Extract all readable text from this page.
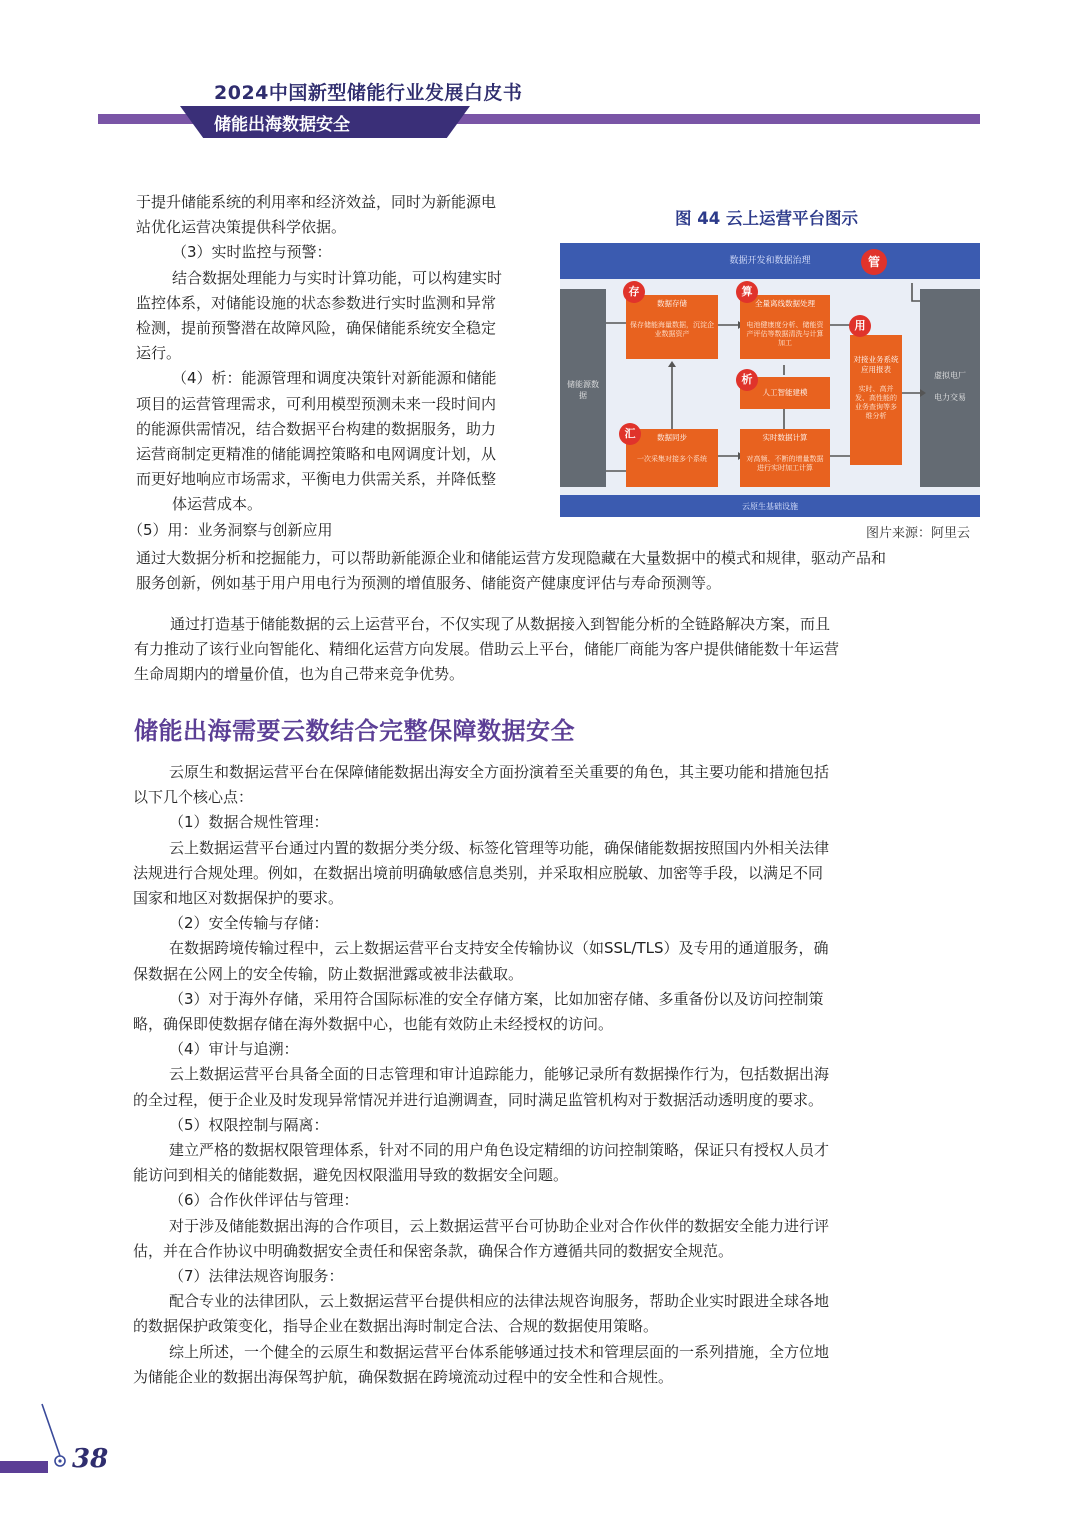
2024中国新型储能行业发展白皮书
储能出海数据安全
于提升储能系统的利用率和经济效益，同时为新能源电
站优化运营决策提供科学依据。
（3）实时监控与预警：
结合数据处理能力与实时计算功能，可以构建实时
监控体系，对储能设施的状态参数进行实时监测和异常
检测，提前预警潜在故障风险，确保储能系统安全稳定
运行。
（4）析：能源管理和调度决策针对新能源和储能
项目的运营管理需求，可利用模型预测未来一段时间内
的能源供需情况，结合数据平台构建的数据服务，助力
运营商制定更精准的储能调控策略和电网调度计划，从
而更好地响应市场需求，平衡电力供需关系，并降低整
体运营成本。
（5）用：业务洞察与创新应用
图 44 云上运营平台图示
数据开发和数据治理	管
储能源数据
虚拟电厂
电力交易
数据存储
保存储能海量数据，沉淀企业数据资产
全量离线数据处理
电池健康度分析、储能资产评估等数据清洗与计算加工
人工智能建模
数据同步
一次采集对接多个系统
实时数据计算
对高频、不断的增量数据进行实时加工计算
对接业务系统应用报表
实时、高并发、高性能的业务查询等多维分析
存	算
析
汇
用
云原生基础设施
图片来源：阿里云
通过大数据分析和挖掘能力，可以帮助新能源企业和储能运营方发现隐藏在大量数据中的模式和规律，驱动产品和
服务创新，例如基于用户用电行为预测的增值服务、储能资产健康度评估与寿命预测等。
通过打造基于储能数据的云上运营平台，不仅实现了从数据接入到智能分析的全链路解决方案，而且
有力推动了该行业向智能化、精细化运营方向发展。借助云上平台，储能厂商能为客户提供储能数十年运营
生命周期内的增量价值，也为自己带来竞争优势。
储能出海需要云数结合完整保障数据安全
云原生和数据运营平台在保障储能数据出海安全方面扮演着至关重要的角色，其主要功能和措施包括
以下几个核心点：
（1）数据合规性管理：
云上数据运营平台通过内置的数据分类分级、标签化管理等功能，确保储能数据按照国内外相关法律
法规进行合规处理。例如，在数据出境前明确敏感信息类别，并采取相应脱敏、加密等手段，以满足不同
国家和地区对数据保护的要求。
（2）安全传输与存储：
在数据跨境传输过程中，云上数据运营平台支持安全传输协议（如SSL/TLS）及专用的通道服务，确
保数据在公网上的安全传输，防止数据泄露或被非法截取。
（3）对于海外存储，采用符合国际标准的安全存储方案，比如加密存储、多重备份以及访问控制策
略，确保即使数据存储在海外数据中心，也能有效防止未经授权的访问。
（4）审计与追溯：
云上数据运营平台具备全面的日志管理和审计追踪能力，能够记录所有数据操作行为，包括数据出海
的全过程，便于企业及时发现异常情况并进行追溯调查，同时满足监管机构对于数据活动透明度的要求。
（5）权限控制与隔离：
建立严格的数据权限管理体系，针对不同的用户角色设定精细的访问控制策略，保证只有授权人员才
能访问到相关的储能数据，避免因权限滥用导致的数据安全问题。
（6）合作伙伴评估与管理：
对于涉及储能数据出海的合作项目，云上数据运营平台可协助企业对合作伙伴的数据安全能力进行评
估，并在合作协议中明确数据安全责任和保密条款，确保合作方遵循共同的数据安全规范。
（7）法律法规咨询服务：
配合专业的法律团队，云上数据运营平台提供相应的法律法规咨询服务，帮助企业实时跟进全球各地
的数据保护政策变化，指导企业在数据出海时制定合法、合规的数据使用策略。
综上所述，一个健全的云原生和数据运营平台体系能够通过技术和管理层面的一系列措施，全方位地
为储能企业的数据出海保驾护航，确保数据在跨境流动过程中的安全性和合规性。
38
